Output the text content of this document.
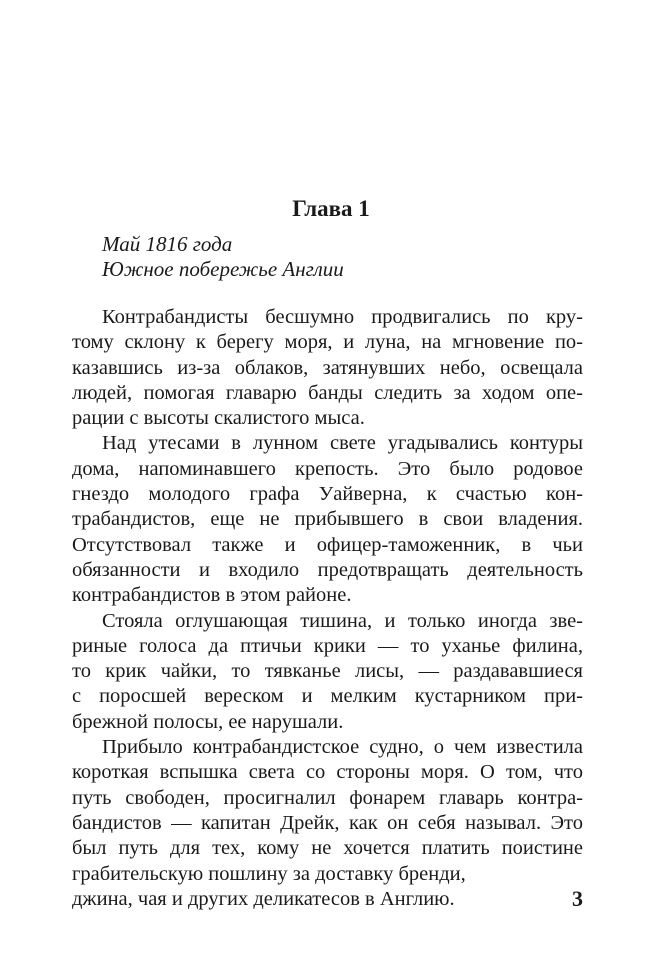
Глава 1
Май 1816 года
Южное побережье Англии
Контрабандисты бесшумно продвигались по кру-
тому склону к берегу моря, и луна, на мгновение по-
казавшись из-за облаков, затянувших небо, освещала
людей, помогая главарю банды следить за ходом опе-
рации с высоты скалистого мыса.
Над утесами в лунном свете угадывались контуры
дома, напоминавшего крепость. Это было родовое
гнездо молодого графа Уайверна, к счастью кон-
трабандистов, еще не прибывшего в свои владения.
Отсутствовал также и офицер-таможенник, в чьи
обязанности и входило предотвращать деятельность
контрабандистов в этом районе.
Стояла оглушающая тишина, и только иногда зве-
риные голоса да птичьи крики — то уханье филина,
то крик чайки, то тявканье лисы, — раздававшиеся
с поросшей вереском и мелким кустарником при-
брежной полосы, ее нарушали.
Прибыло контрабандистское судно, о чем известила
короткая вспышка света со стороны моря. О том, что
путь свободен, просигналил фонарем главарь контра-
бандистов — капитан Дрейк, как он себя называл. Это
был путь для тех, кому не хочется платить поистине
грабительскую пошлину за доставку бренди,
джина, чая и других деликатесов в Англию.	3
